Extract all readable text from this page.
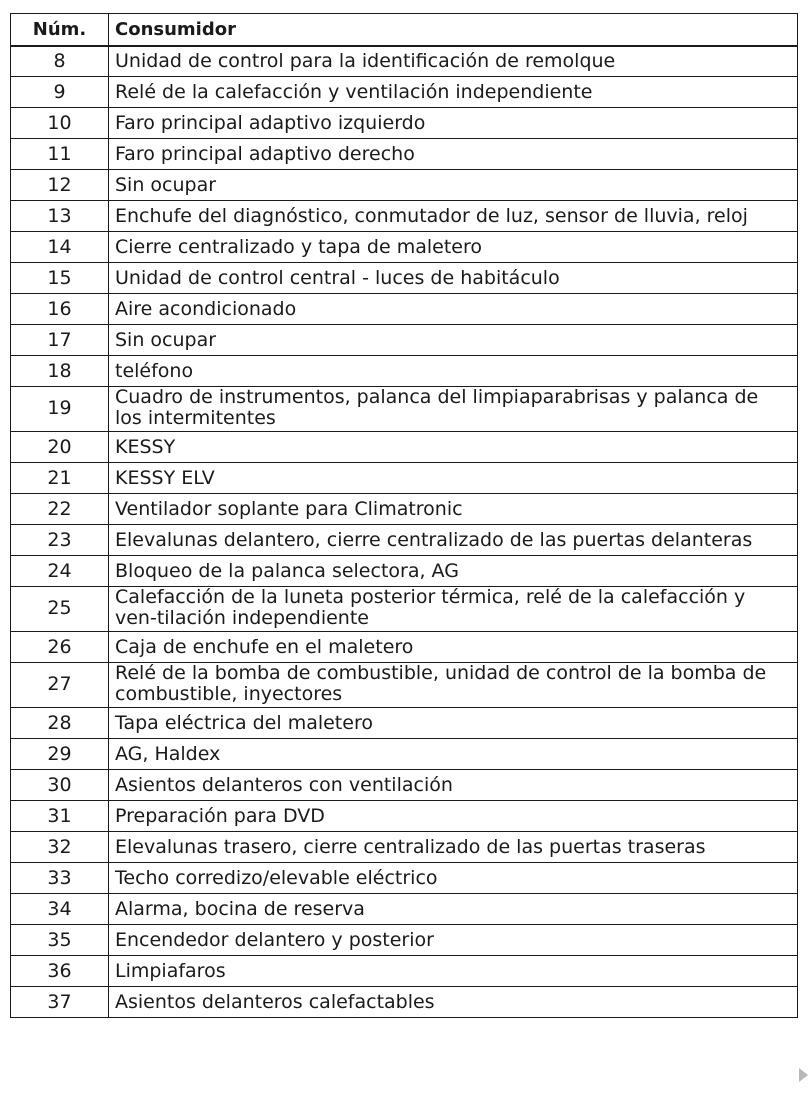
Núm.	Consumidor
8	Unidad de control para la identificación de remolque
9	Relé de la calefacción y ventilación independiente
10	Faro principal adaptivo izquierdo
11	Faro principal adaptivo derecho
12	Sin ocupar
13	Enchufe del diagnóstico, conmutador de luz, sensor de lluvia, reloj
14	Cierre centralizado y tapa de maletero
15	Unidad de control central - luces de habitáculo
16	Aire acondicionado
17	Sin ocupar
18	teléfono
19	Cuadro de instrumentos, palanca del limpiaparabrisas y palanca de los intermitentes
20	KESSY
21	KESSY ELV
22	Ventilador soplante para Climatronic
23	Elevalunas delantero, cierre centralizado de las puertas delanteras
24	Bloqueo de la palanca selectora, AG
25	Calefacción de la luneta posterior térmica, relé de la calefacción y ven-tilación independiente
26	Caja de enchufe en el maletero
27	Relé de la bomba de combustible, unidad de control de la bomba de combustible, inyectores
28	Tapa eléctrica del maletero
29	AG, Haldex
30	Asientos delanteros con ventilación
31	Preparación para DVD
32	Elevalunas trasero, cierre centralizado de las puertas traseras
33	Techo corredizo/elevable eléctrico
34	Alarma, bocina de reserva
35	Encendedor delantero y posterior
36	Limpiafaros
37	Asientos delanteros calefactables
